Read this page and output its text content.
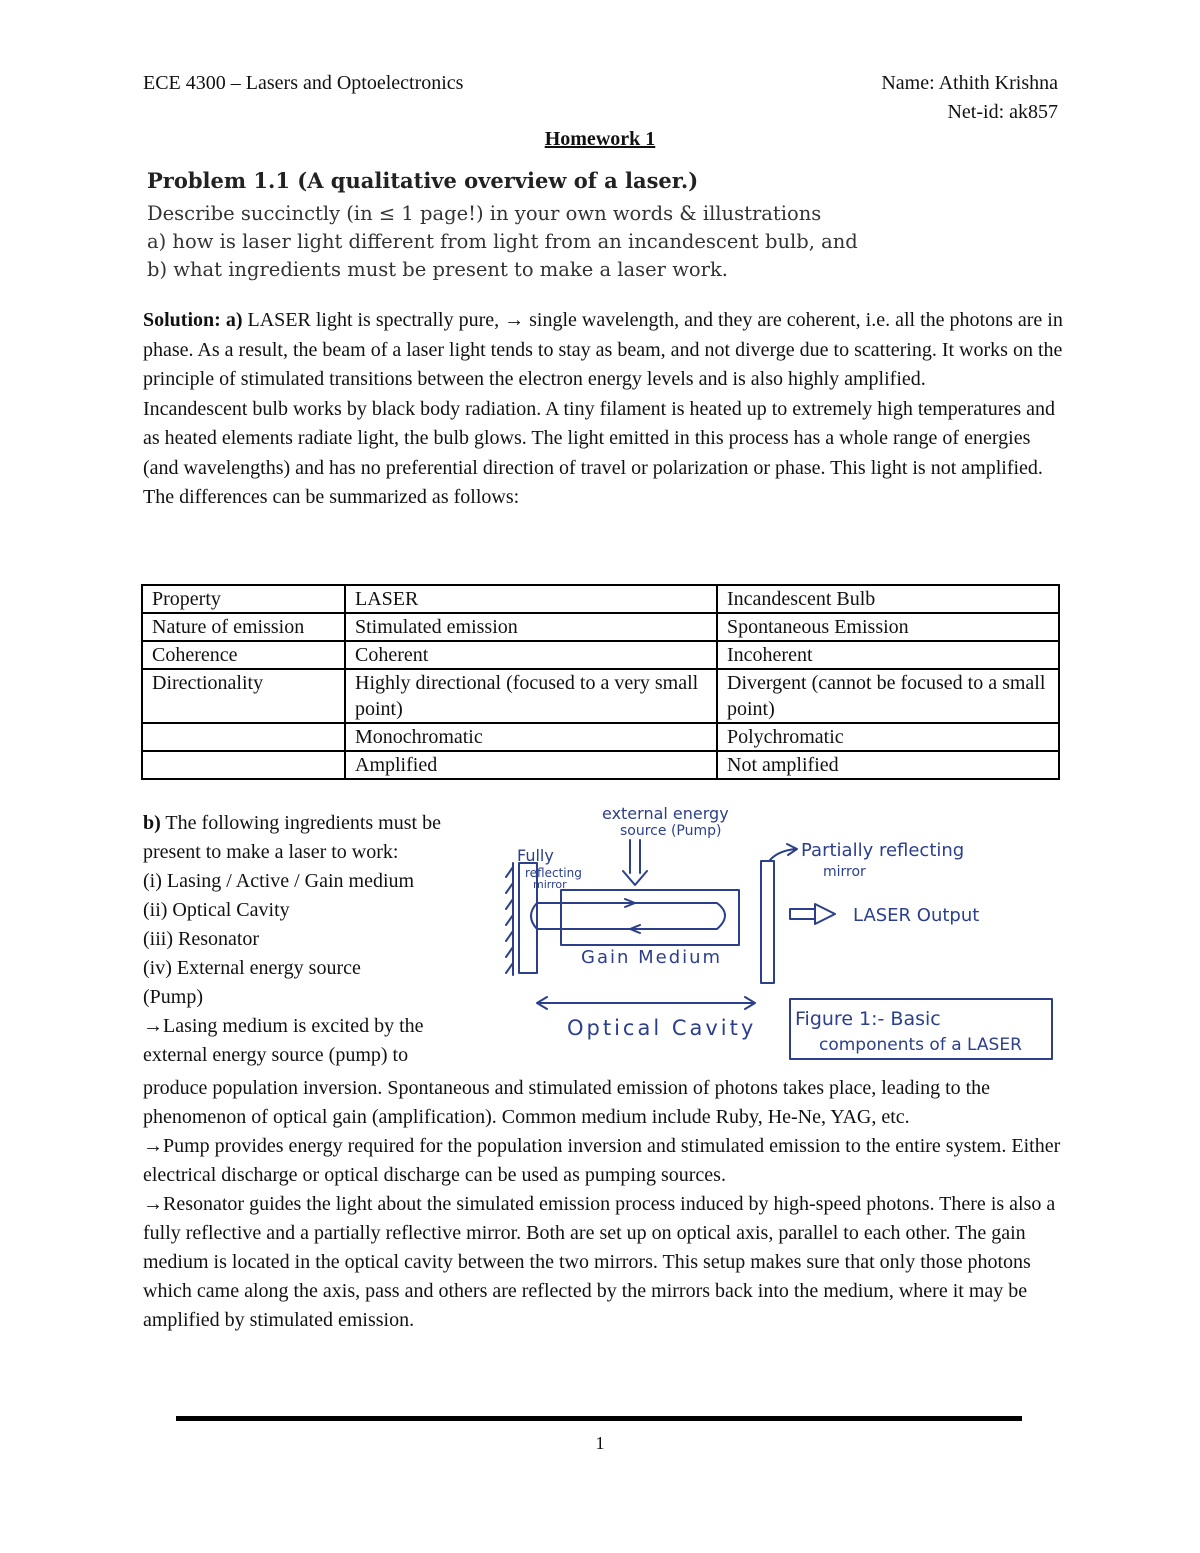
ECE 4300 – Lasers and Optoelectronics	Name: Athith Krishna
Net-id: ak857
Homework 1
Problem 1.1 (A qualitative overview of a laser.)
Describe succinctly (in ≤ 1 page!) in your own words & illustrations
a) how is laser light different from light from an incandescent bulb, and
b) what ingredients must be present to make a laser work.

Solution: a) LASER light is spectrally pure, → single wavelength, and they are coherent, i.e. all the photons are in phase. As a result, the beam of a laser light tends to stay as beam, and not diverge due to scattering. It works on the principle of stimulated transitions between the electron energy levels and is also highly amplified.

Incandescent bulb works by black body radiation. A tiny filament is heated up to extremely high temperatures and as heated elements radiate light, the bulb glows. The light emitted in this process has a whole range of energies (and wavelengths) and has no preferential direction of travel or polarization or phase. This light is not amplified. The differences can be summarized as follows:

Property	LASER	Incandescent Bulb
Nature of emission	Stimulated emission	Spontaneous Emission
Coherence	Coherent	Incoherent
Directionality	Highly directional (focused to a very small point)	Divergent (cannot be focused to a small point)
	Monochromatic	Polychromatic
	Amplified	Not amplified
b) The following ingredients must be present to make a laser to work:
(i) Lasing / Active / Gain medium
(ii) Optical Cavity
(iii) Resonator
(iv) External energy source
(Pump)
→Lasing medium is excited by the
external energy source (pump) to
external energy
source (Pump)
Fully
reflecting
mirror
Partially reflecting
mirror
LASER Output
Gain Medium
Optical Cavity Figure 1:- Basic
components of a LASER
produce population inversion. Spontaneous and stimulated emission of photons takes place, leading to the phenomenon of optical gain (amplification). Common medium include Ruby, He-Ne, YAG, etc.
→Pump provides energy required for the population inversion and stimulated emission to the entire system. Either electrical discharge or optical discharge can be used as pumping sources.
→Resonator guides the light about the simulated emission process induced by high-speed photons. There is also a fully reflective and a partially reflective mirror. Both are set up on optical axis, parallel to each other. The gain medium is located in the optical cavity between the two mirrors. This setup makes sure that only those photons which came along the axis, pass and others are reflected by the mirrors back into the medium, where it may be amplified by stimulated emission.
1
